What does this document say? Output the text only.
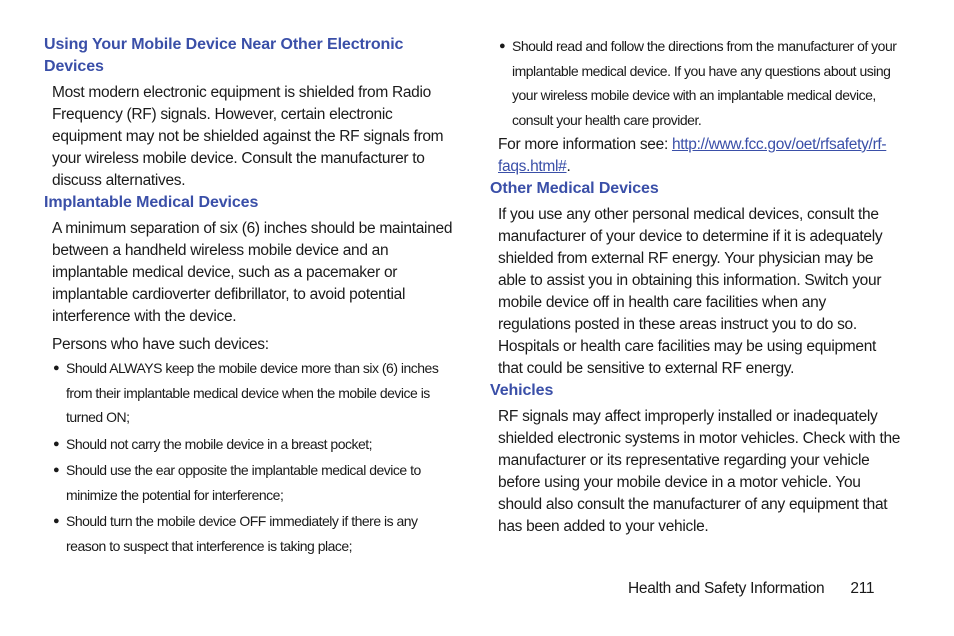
Using Your Mobile Device Near Other Electronic Devices

Most modern electronic equipment is shielded from Radio Frequency (RF) signals. However, certain electronic equipment may not be shielded against the RF signals from your wireless mobile device. Consult the manufacturer to discuss alternatives.

Implantable Medical Devices

A minimum separation of six (6) inches should be maintained between a handheld wireless mobile device and an implantable medical device, such as a pacemaker or implantable cardioverter defibrillator, to avoid potential interference with the device.

Persons who have such devices:

● Should ALWAYS keep the mobile device more than six (6) inches from their implantable medical device when the mobile device is turned ON;
● Should not carry the mobile device in a breast pocket;
● Should use the ear opposite the implantable medical device to minimize the potential for interference;
● Should turn the mobile device OFF immediately if there is any reason to suspect that interference is taking place;
● Should read and follow the directions from the manufacturer of your implantable medical device. If you have any questions about using your wireless mobile device with an implantable medical device, consult your health care provider.

For more information see: http://www.fcc.gov/oet/rfsafety/rf-faqs.html#.

Other Medical Devices

If you use any other personal medical devices, consult the manufacturer of your device to determine if it is adequately shielded from external RF energy. Your physician may be able to assist you in obtaining this information. Switch your mobile device off in health care facilities when any regulations posted in these areas instruct you to do so. Hospitals or health care facilities may be using equipment that could be sensitive to external RF energy.

Vehicles

RF signals may affect improperly installed or inadequately shielded electronic systems in motor vehicles. Check with the manufacturer or its representative regarding your vehicle before using your mobile device in a motor vehicle. You should also consult the manufacturer of any equipment that has been added to your vehicle.

Health and Safety Information 211
